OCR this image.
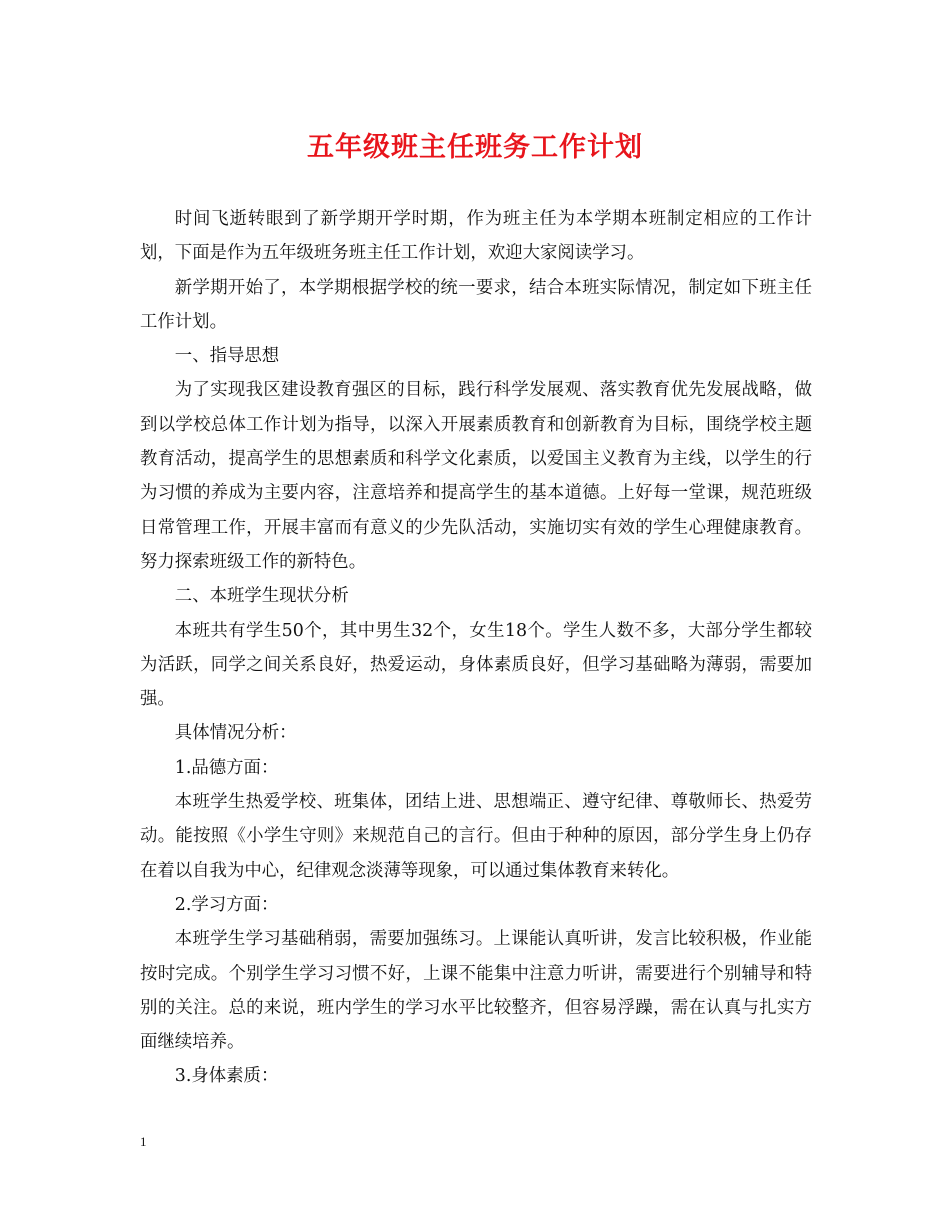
五年级班主任班务工作计划

时间飞逝转眼到了新学期开学时期，作为班主任为本学期本班制定相应的工作计划，下面是作为五年级班务班主任工作计划，欢迎大家阅读学习。

新学期开始了，本学期根据学校的统一要求，结合本班实际情况，制定如下班主任工作计划。

一、指导思想

为了实现我区建设教育强区的目标，践行科学发展观、落实教育优先发展战略，做到以学校总体工作计划为指导，以深入开展素质教育和创新教育为目标，围绕学校主题教育活动，提高学生的思想素质和科学文化素质，以爱国主义教育为主线，以学生的行为习惯的养成为主要内容，注意培养和提高学生的基本道德。上好每一堂课，规范班级日常管理工作，开展丰富而有意义的少先队活动，实施切实有效的学生心理健康教育。努力探索班级工作的新特色。

二、本班学生现状分析

本班共有学生50个，其中男生32个，女生18个。学生人数不多，大部分学生都较为活跃，同学之间关系良好，热爱运动，身体素质良好，但学习基础略为薄弱，需要加强。

具体情况分析：

1.品德方面：

本班学生热爱学校、班集体，团结上进、思想端正、遵守纪律、尊敬师长、热爱劳动。能按照《小学生守则》来规范自己的言行。但由于种种的原因，部分学生身上仍存在着以自我为中心，纪律观念淡薄等现象，可以通过集体教育来转化。

2.学习方面：

本班学生学习基础稍弱，需要加强练习。上课能认真听讲，发言比较积极，作业能按时完成。个别学生学习习惯不好，上课不能集中注意力听讲，需要进行个别辅导和特别的关注。总的来说，班内学生的学习水平比较整齐，但容易浮躁，需在认真与扎实方面继续培养。

3.身体素质：

1
